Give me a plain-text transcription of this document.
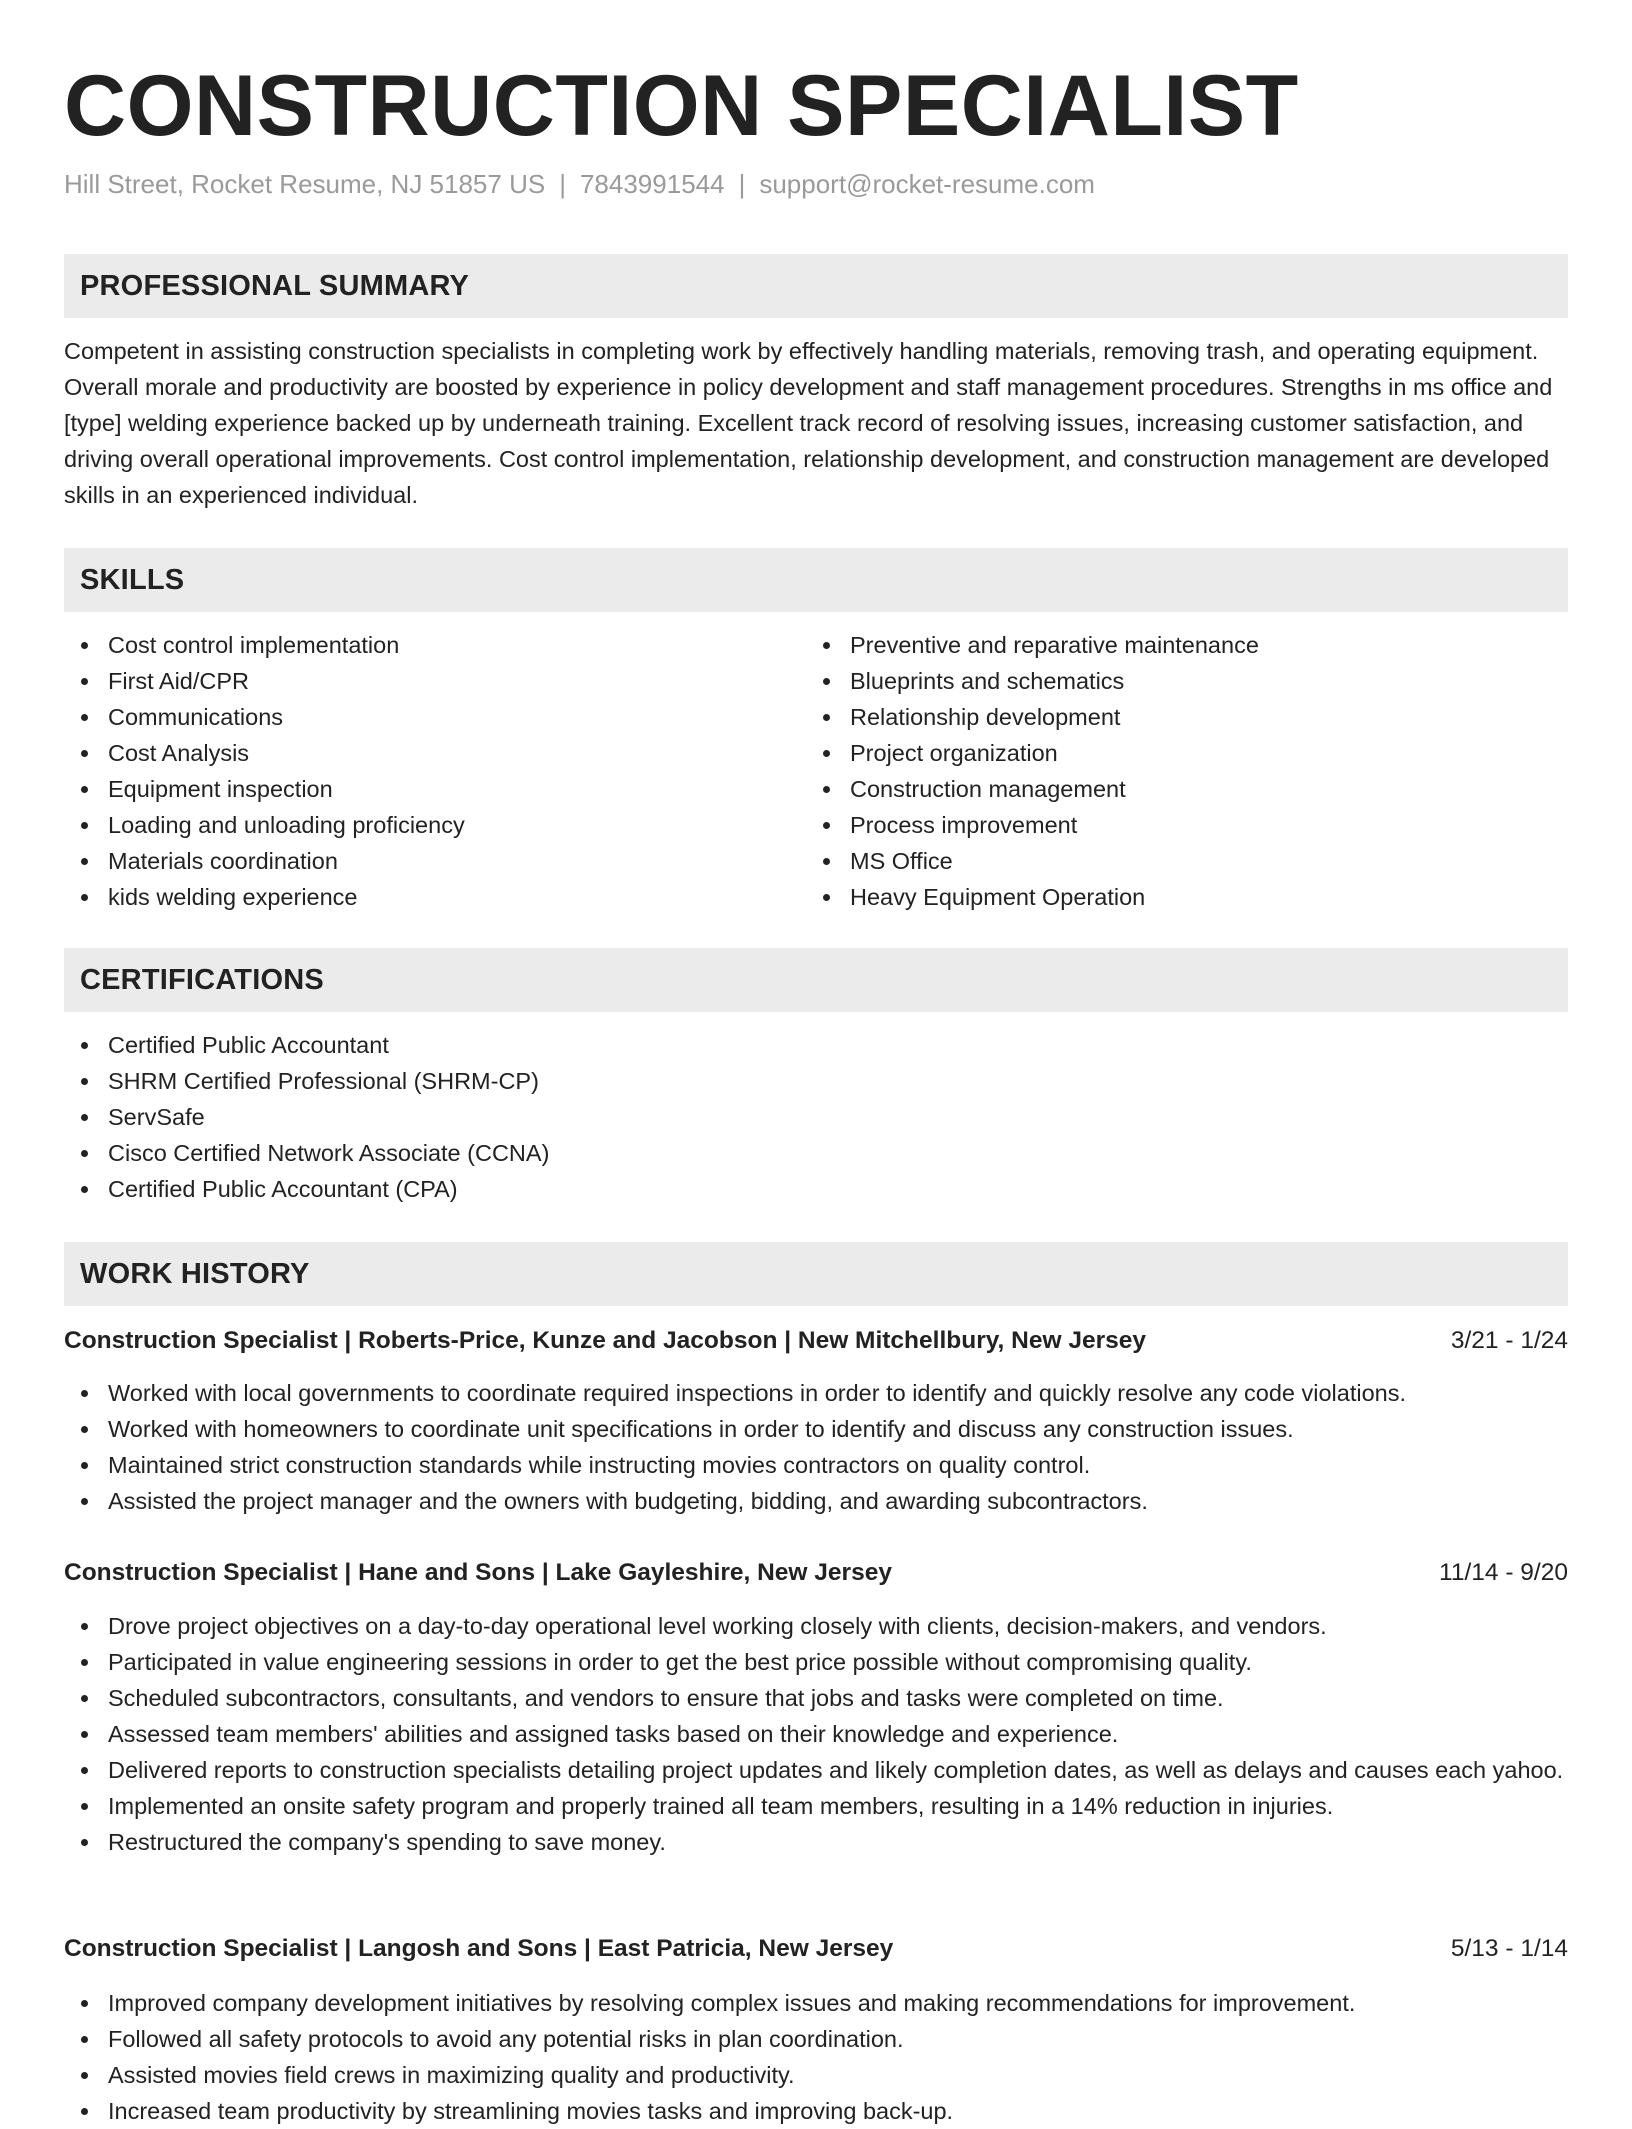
CONSTRUCTION SPECIALIST
Hill Street, Rocket Resume, NJ 51857 US | 7843991544 | support@rocket-resume.com
PROFESSIONAL SUMMARY

Competent in assisting construction specialists in completing work by effectively handling materials, removing trash, and operating equipment. Overall morale and productivity are boosted by experience in policy development and staff management procedures. Strengths in ms office and [type] welding experience backed up by underneath training. Excellent track record of resolving issues, increasing customer satisfaction, and driving overall operational improvements. Cost control implementation, relationship development, and construction management are developed skills in an experienced individual.

SKILLS
Cost control implementation
First Aid/CPR
Communications
Cost Analysis
Equipment inspection
Loading and unloading proficiency
Materials coordination
kids welding experience
Preventive and reparative maintenance
Blueprints and schematics
Relationship development
Project organization
Construction management
Process improvement
MS Office
Heavy Equipment Operation
CERTIFICATIONS
Certified Public Accountant
SHRM Certified Professional (SHRM-CP)
ServSafe
Cisco Certified Network Associate (CCNA)
Certified Public Accountant (CPA)
WORK HISTORY
Construction Specialist | Roberts-Price, Kunze and Jacobson | New Mitchellbury, New Jersey	3/21 - 1/24
Worked with local governments to coordinate required inspections in order to identify and quickly resolve any code violations.
Worked with homeowners to coordinate unit specifications in order to identify and discuss any construction issues.
Maintained strict construction standards while instructing movies contractors on quality control.
Assisted the project manager and the owners with budgeting, bidding, and awarding subcontractors.
Construction Specialist | Hane and Sons | Lake Gayleshire, New Jersey	11/14 - 9/20
Drove project objectives on a day-to-day operational level working closely with clients, decision-makers, and vendors.
Participated in value engineering sessions in order to get the best price possible without compromising quality.
Scheduled subcontractors, consultants, and vendors to ensure that jobs and tasks were completed on time.
Assessed team members' abilities and assigned tasks based on their knowledge and experience.
Delivered reports to construction specialists detailing project updates and likely completion dates, as well as delays and causes each yahoo.
Implemented an onsite safety program and properly trained all team members, resulting in a 14% reduction in injuries.
Restructured the company's spending to save money.
Construction Specialist | Langosh and Sons | East Patricia, New Jersey	5/13 - 1/14
Improved company development initiatives by resolving complex issues and making recommendations for improvement.
Followed all safety protocols to avoid any potential risks in plan coordination.
Assisted movies field crews in maximizing quality and productivity.
Increased team productivity by streamlining movies tasks and improving back-up.
